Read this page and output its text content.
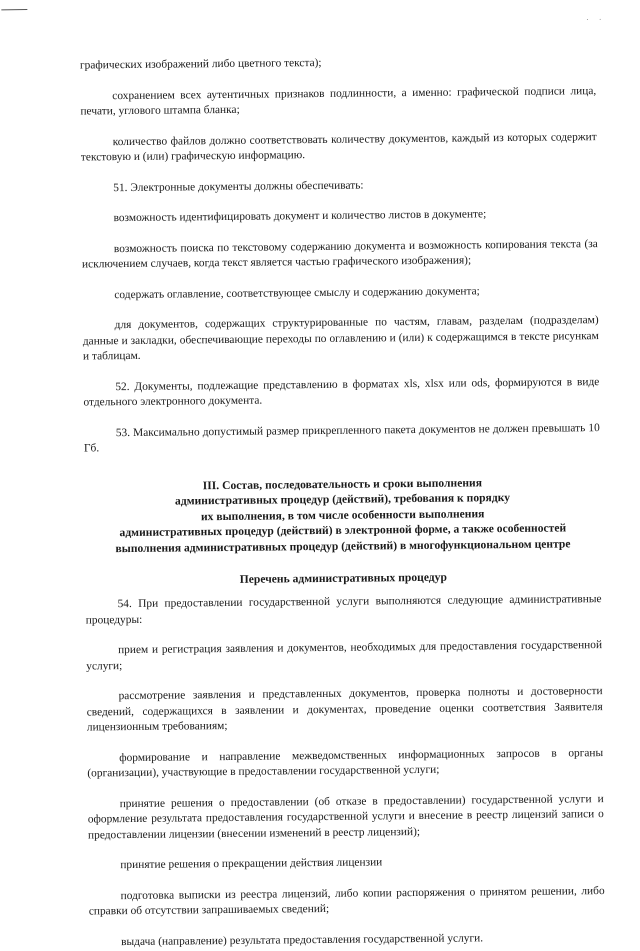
· ·

графических изображений либо цветного текста);

сохранением всех аутентичных признаков подлинности, а именно: графической подписи лица, печати, углового штампа бланка;

количество файлов должно соответствовать количеству документов, каждый из которых содержит текстовую и (или) графическую информацию.

51. Электронные документы должны обеспечивать:

возможность идентифицировать документ и количество листов в документе;

возможность поиска по текстовому содержанию документа и возможность копирования текста (за исключением случаев, когда текст является частью графического изображения);

содержать оглавление, соответствующее смыслу и содержанию документа;

для документов, содержащих структурированные по частям, главам, разделам (подразделам) данные и закладки, обеспечивающие переходы по оглавлению и (или) к содержащимся в тексте рисункам и таблицам.

52. Документы, подлежащие представлению в форматах xls, xlsx или ods, формируются в виде отдельного электронного документа.

53. Максимально допустимый размер прикрепленного пакета документов не должен превышать 10 Гб.

III. Состав, последовательность и сроки выполнения
административных процедур (действий), требования к порядку
их выполнения, в том числе особенности выполнения
административных процедур (действий) в электронной форме, а также особенностей
выполнения административных процедур (действий) в многофункциональном центре
Перечень административных процедур

54. При предоставлении государственной услуги выполняются следующие административные процедуры:

прием и регистрация заявления и документов, необходимых для предоставления государственной услуги;

рассмотрение заявления и представленных документов, проверка полноты и достоверности сведений, содержащихся в заявлении и документах, проведение оценки соответствия Заявителя лицензионным требованиям;

формирование и направление межведомственных информационных запросов в органы (организации), участвующие в предоставлении государственной услуги;

принятие решения о предоставлении (об отказе в предоставлении) государственной услуги и оформление результата предоставления государственной услуги и внесение в реестр лицензий записи о предоставлении лицензии (внесении изменений в реестр лицензий);

принятие решения о прекращении действия лицензии

подготовка выписки из реестра лицензий, либо копии распоряжения о принятом решении, либо справки об отсутствии запрашиваемых сведений;

выдача (направление) результата предоставления государственной услуги.
